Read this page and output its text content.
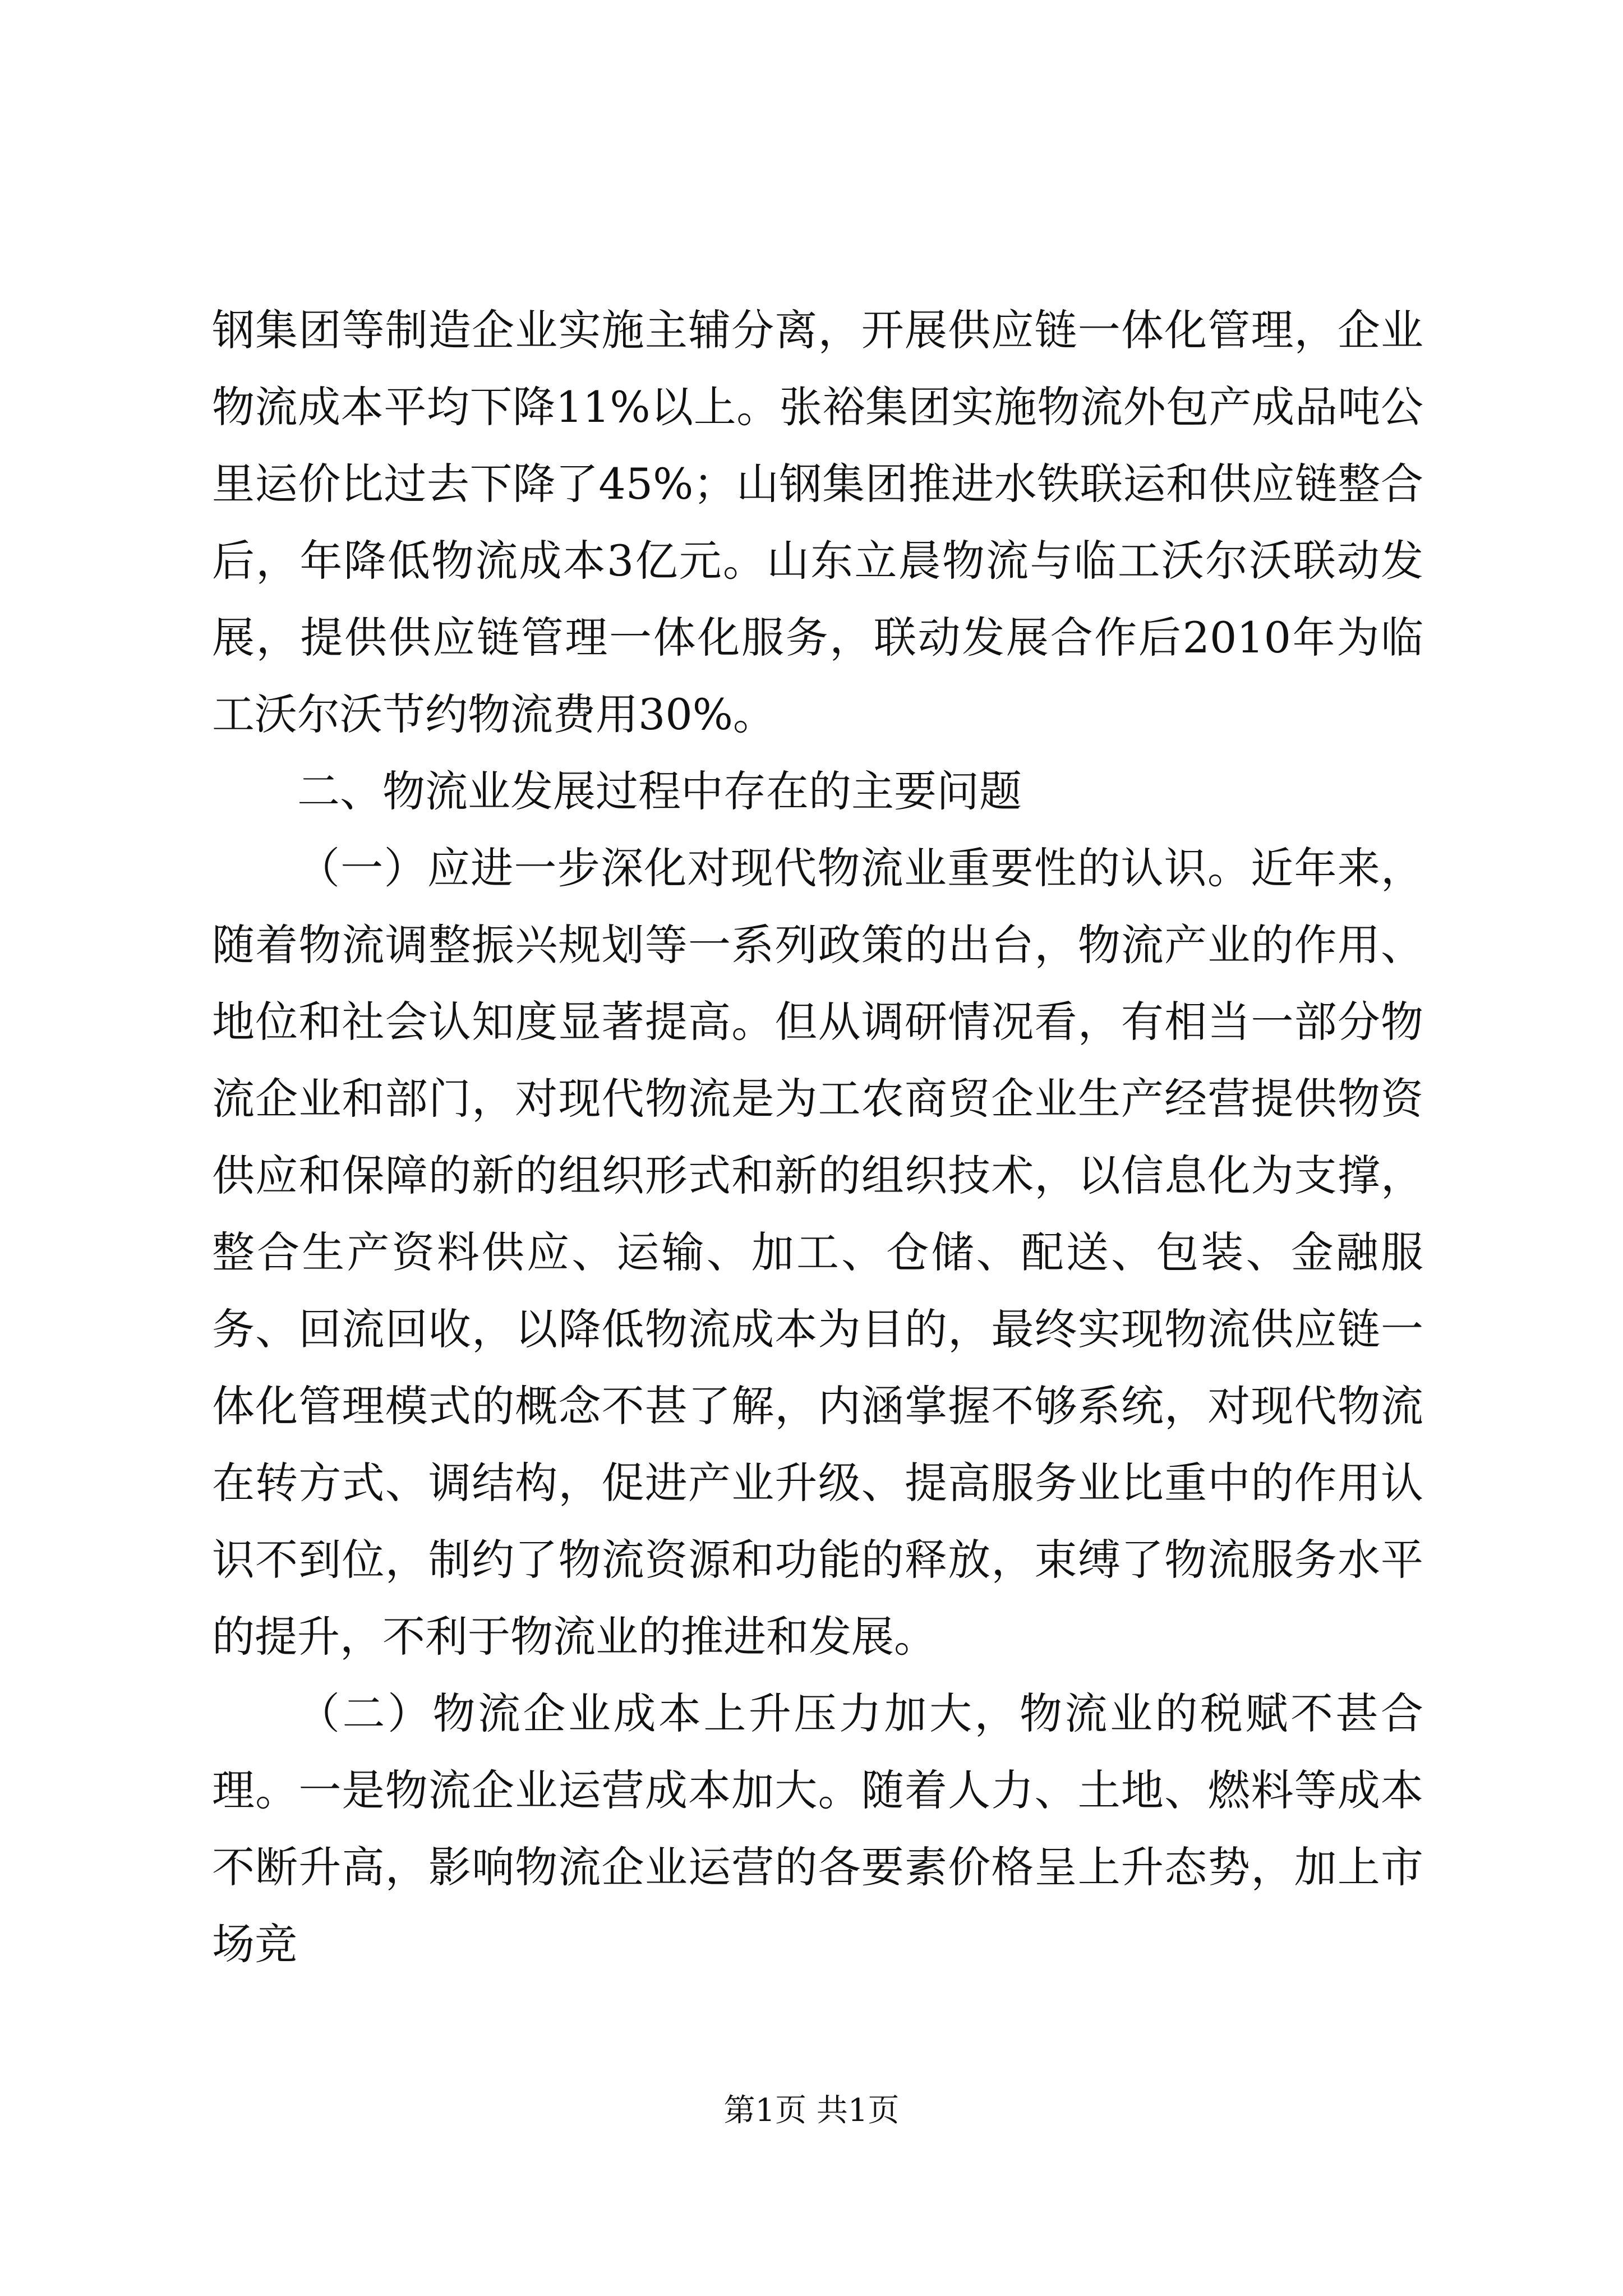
钢集团等制造企业实施主辅分离，开展供应链一体化管理，企业物流成本平均下降11%以上。张裕集团实施物流外包产成品吨公里运价比过去下降了45%；山钢集团推进水铁联运和供应链整合后，年降低物流成本3亿元。山东立晨物流与临工沃尔沃联动发展，提供供应链管理一体化服务，联动发展合作后2010年为临工沃尔沃节约物流费用30%。

二、物流业发展过程中存在的主要问题

（一）应进一步深化对现代物流业重要性的认识。近年来，随着物流调整振兴规划等一系列政策的出台，物流产业的作用、地位和社会认知度显著提高。但从调研情况看，有相当一部分物流企业和部门，对现代物流是为工农商贸企业生产经营提供物资供应和保障的新的组织形式和新的组织技术，以信息化为支撑，整合生产资料供应、运输、加工、仓储、配送、包装、金融服务、回流回收，以降低物流成本为目的，最终实现物流供应链一体化管理模式的概念不甚了解，内涵掌握不够系统，对现代物流在转方式、调结构，促进产业升级、提高服务业比重中的作用认识不到位，制约了物流资源和功能的释放，束缚了物流服务水平的提升，不利于物流业的推进和发展。

（二）物流企业成本上升压力加大，物流业的税赋不甚合理。一是物流企业运营成本加大。随着人力、土地、燃料等成本不断升高，影响物流企业运营的各要素价格呈上升态势，加上市场竞

第1页 共1页
